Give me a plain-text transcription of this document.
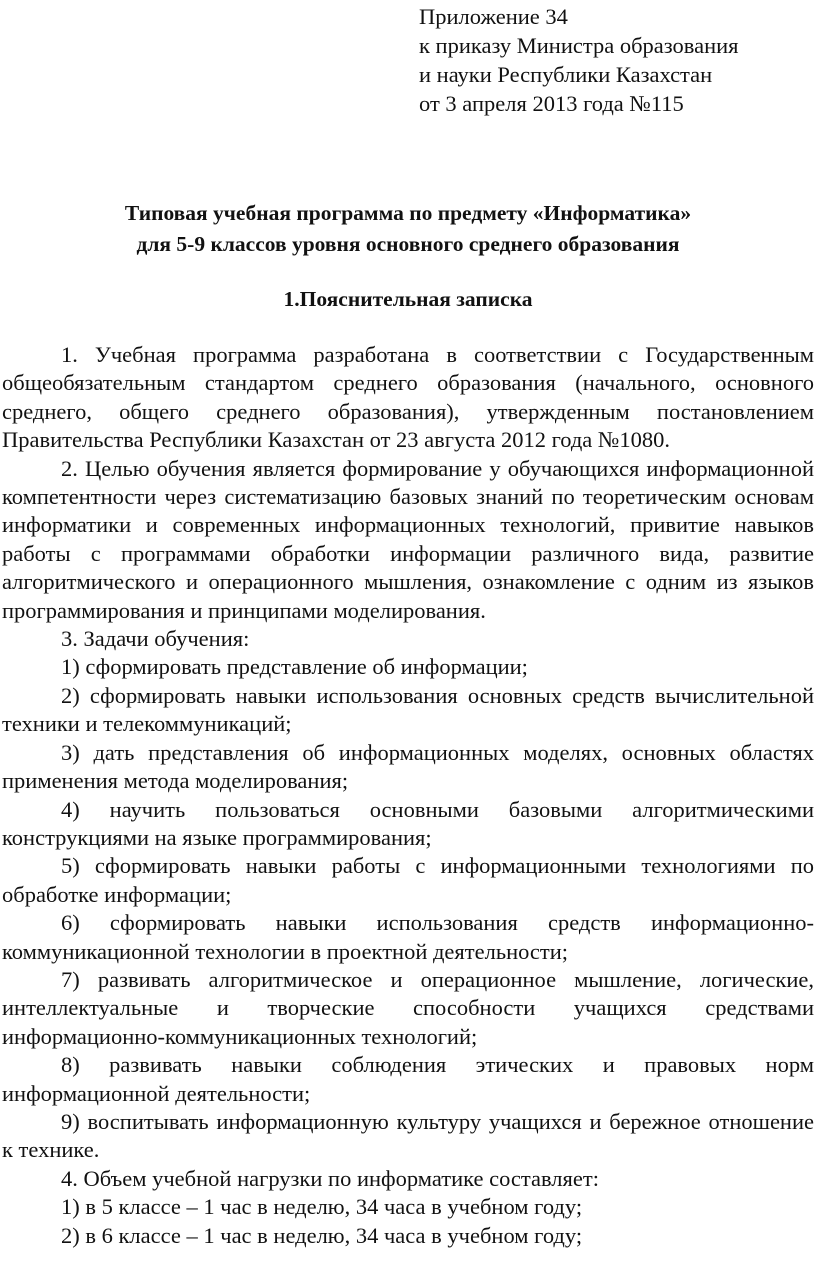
Приложение 34
к приказу Министра образования
и науки Республики Казахстан
от 3 апреля 2013 года №115
Типовая учебная программа по предмету «Информатика»
для 5-9 классов уровня основного среднего образования
1.Пояснительная записка
1. Учебная программа разработана в соответствии с Государственным общеобязательным стандартом среднего образования (начального, основного среднего, общего среднего образования), утвержденным постановлением Правительства Республики Казахстан от 23 августа 2012 года №1080.
2. Целью обучения является формирование у обучающихся информационной компетентности через систематизацию базовых знаний по теоретическим основам информатики и современных информационных технологий, привитие навыков работы с программами обработки информации различного вида, развитие алгоритмического и операционного мышления, ознакомление с одним из языков программирования и принципами моделирования.
3. Задачи обучения:
1) сформировать представление об информации;
2) сформировать навыки использования основных средств вычислительной техники и телекоммуникаций;
3) дать представления об информационных моделях, основных областях применения метода моделирования;
4) научить пользоваться основными базовыми алгоритмическими конструкциями на языке программирования;
5) сформировать навыки работы с информационными технологиями по обработке информации;
6) сформировать навыки использования средств информационно-коммуникационной технологии в проектной деятельности;
7) развивать алгоритмическое и операционное мышление, логические, интеллектуальные и творческие способности учащихся средствами информационно-коммуникационных технологий;
8) развивать навыки соблюдения этических и правовых норм информационной деятельности;
9) воспитывать информационную культуру учащихся и бережное отношение к технике.
4. Объем учебной нагрузки по информатике составляет:
1) в 5 классе – 1 час в неделю, 34 часа в учебном году;
2) в 6 классе – 1 час в неделю, 34 часа в учебном году;
